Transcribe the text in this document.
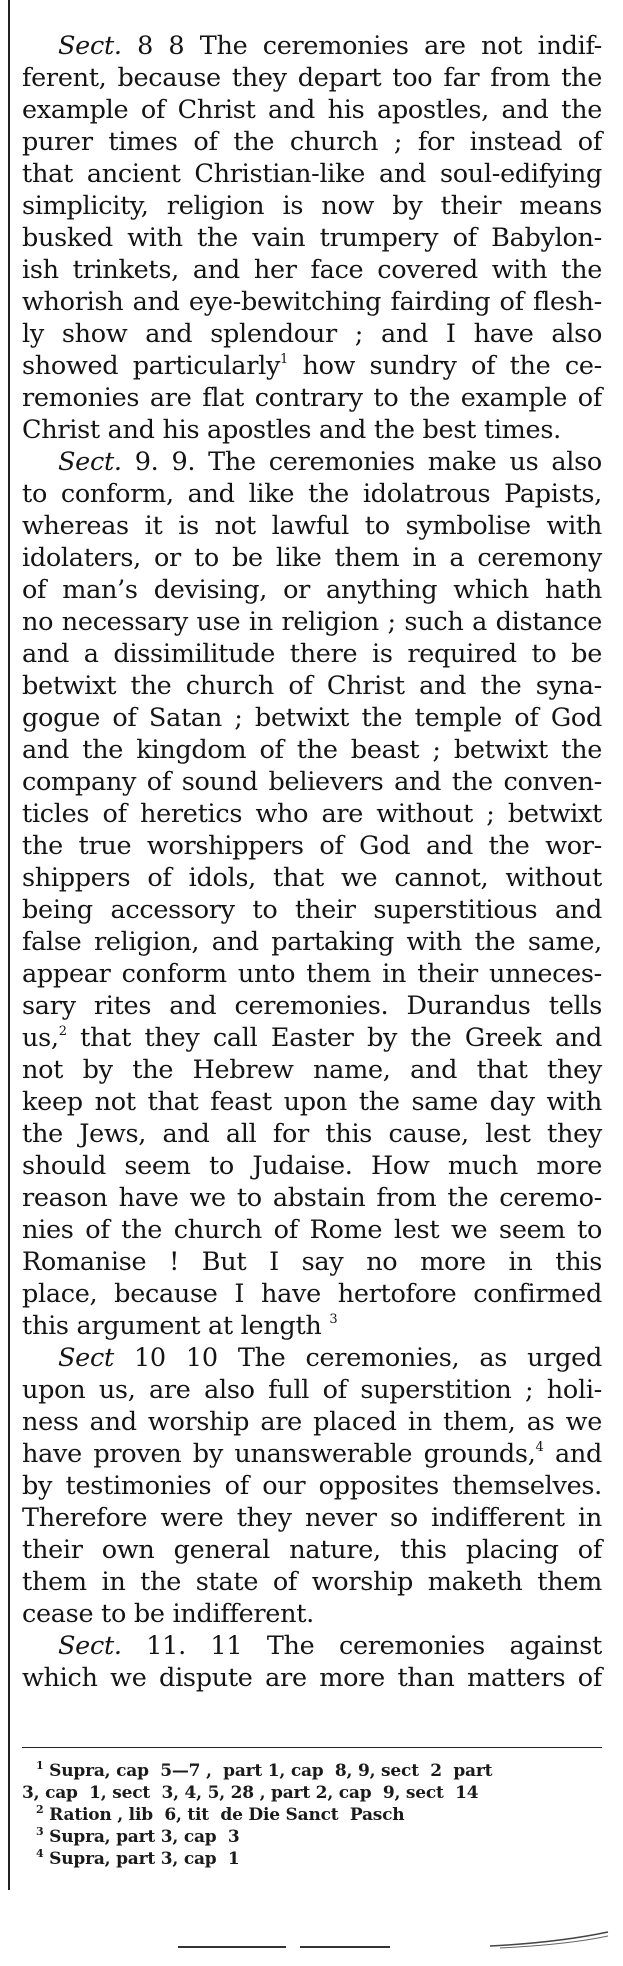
Sect. 8 8 The ceremonies are not indif-
ferent, because they depart too far from the
example of Christ and his apostles, and the
purer times of the church ; for instead of
that ancient Christian-like and soul-edifying
simplicity, religion is now by their means
busked with the vain trumpery of Babylon-
ish trinkets, and her face covered with the
whorish and eye-bewitching fairding of flesh-
ly show and splendour ; and I have also
showed particularly$^1$ how sundry of the ce-
remonies are flat contrary to the example of
Christ and his apostles and the best times.
Sect. 9. 9. The ceremonies make us also
to conform, and like the idolatrous Papists,
whereas it is not lawful to symbolise with
idolaters, or to be like them in a ceremony
of man’s devising, or anything which hath
no necessary use in religion ; such a distance
and a dissimilitude there is required to be
betwixt the church of Christ and the syna-
gogue of Satan ; betwixt the temple of God
and the kingdom of the beast ; betwixt the
company of sound believers and the conven-
ticles of heretics who are without ; betwixt
the true worshippers of God and the wor-
shippers of idols, that we cannot, without
being accessory to their superstitious and
false religion, and partaking with the same,
appear conform unto them in their unneces-
sary rites and ceremonies. Durandus tells
us,$^2$ that they call Easter by the Greek and
not by the Hebrew name, and that they
keep not that feast upon the same day with
the Jews, and all for this cause, lest they
should seem to Judaise. How much more
reason have we to abstain from the ceremo-
nies of the church of Rome lest we seem to
Romanise ! But I say no more in this
place, because I have hertofore confirmed
this argument at length $^3$
Sect 10 10 The ceremonies, as urged
upon us, are also full of superstition ; holi-
ness and worship are placed in them, as we
have proven by unanswerable grounds,$^4$ and
by testimonies of our opposites themselves.
Therefore were they never so indifferent in
their own general nature, this placing of
them in the state of worship maketh them
cease to be indifferent.
Sect. 11. 11 The ceremonies against
which we dispute are more than matters of
$^1$ Supra, cap  5—7 ,  part 1, cap  8, 9, sect  2  part
3, cap  1, sect  3, 4, 5, 28 , part 2, cap  9, sect  14
$^2$ Ration , lib  6, tit  de Die Sanct  Pasch
$^3$ Supra, part 3, cap  3
$^4$ Supra, part 3, cap  1
